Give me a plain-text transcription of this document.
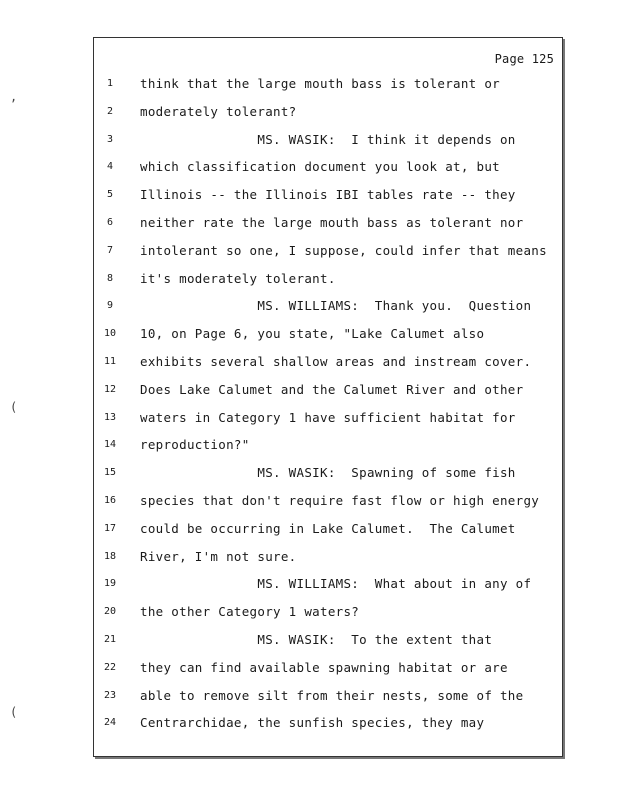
,
(
(
Page 125
1	think that the large mouth bass is tolerant or
2	moderately tolerant?
3	MS. WASIK:  I think it depends on
4	which classification document you look at, but
5	Illinois -- the Illinois IBI tables rate -- they
6	neither rate the large mouth bass as tolerant nor
7	intolerant so one, I suppose, could infer that means
8	it's moderately tolerant.
9	MS. WILLIAMS:  Thank you.  Question
10	10, on Page 6, you state, "Lake Calumet also
11	exhibits several shallow areas and instream cover.
12	Does Lake Calumet and the Calumet River and other
13	waters in Category 1 have sufficient habitat for
14	reproduction?"
15	MS. WASIK:  Spawning of some fish
16	species that don't require fast flow or high energy
17	could be occurring in Lake Calumet.  The Calumet
18	River, I'm not sure.
19	MS. WILLIAMS:  What about in any of
20	the other Category 1 waters?
21	MS. WASIK:  To the extent that
22	they can find available spawning habitat or are
23	able to remove silt from their nests, some of the
24	Centrarchidae, the sunfish species, they may
